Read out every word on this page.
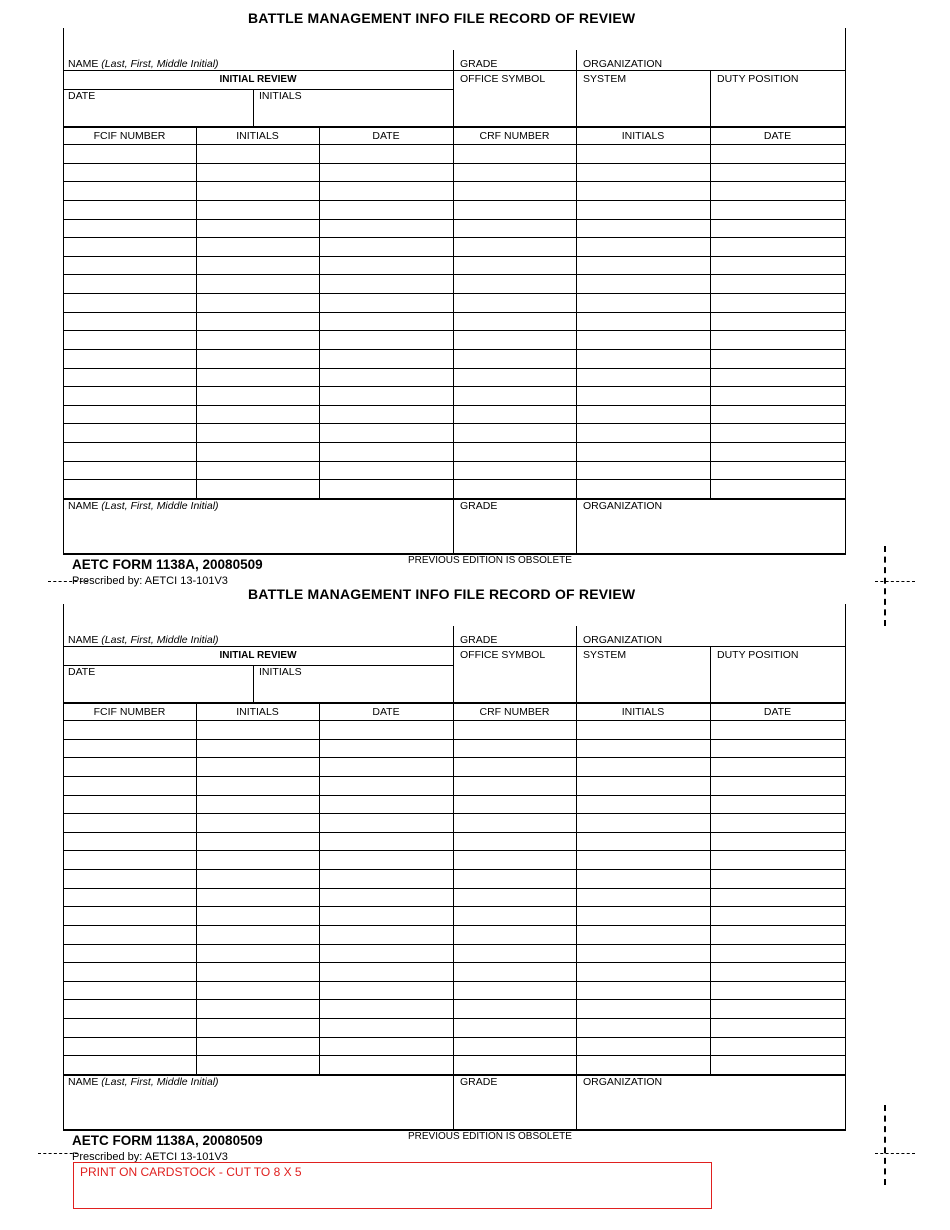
BATTLE MANAGEMENT INFO FILE RECORD OF REVIEW
NAME (Last, First, Middle Initial)	GRADE	ORGANIZATION
INITIAL REVIEW	OFFICE SYMBOL	SYSTEM	DUTY POSITION
DATE	INITIALS
FCIF NUMBER	INITIALS	DATE	CRF NUMBER	INITIALS	DATE
NAME (Last, First, Middle Initial)	GRADE	ORGANIZATION
AETC FORM 1138A, 20080509	PREVIOUS EDITION IS OBSOLETE
Prescribed by: AETCI 13-101V3
BATTLE MANAGEMENT INFO FILE RECORD OF REVIEW
NAME (Last, First, Middle Initial)	GRADE	ORGANIZATION
INITIAL REVIEW	OFFICE SYMBOL	SYSTEM	DUTY POSITION
DATE	INITIALS
FCIF NUMBER	INITIALS	DATE	CRF NUMBER	INITIALS	DATE
NAME (Last, First, Middle Initial)	GRADE	ORGANIZATION
AETC FORM 1138A, 20080509	PREVIOUS EDITION IS OBSOLETE
Prescribed by: AETCI 13-101V3
PRINT ON CARDSTOCK - CUT TO 8 X 5
